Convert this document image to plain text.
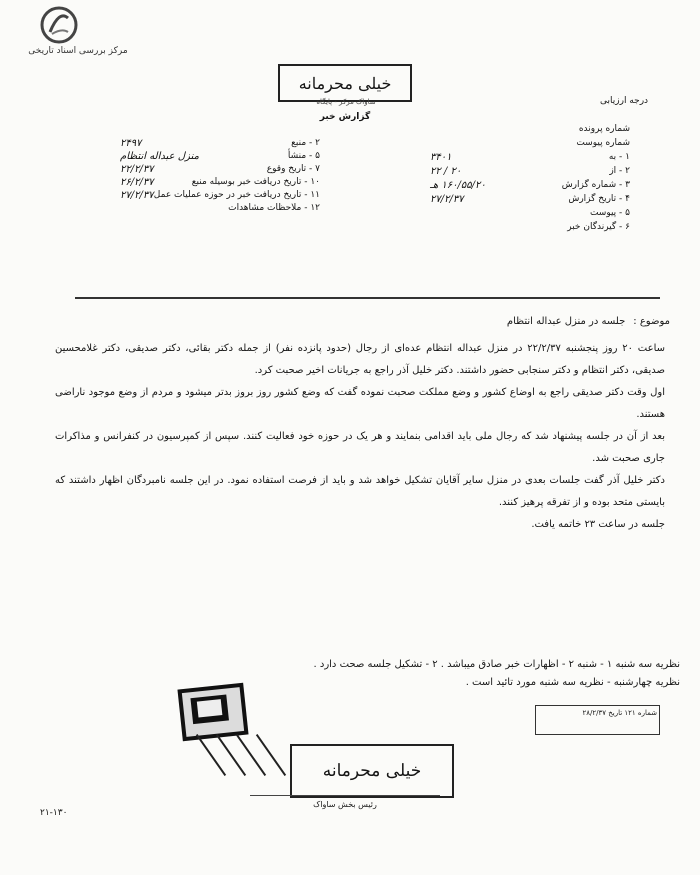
مرکز بررسی اسناد تاریخی
خیلی محرمانه
ساواک مرکز - پایگاه
گزارش خبر
درجه ارزیابی
۲ - منبع
۲۴۹۷
۵ - منشأ
منزل عبداله انتظام
۷ - تاریخ وقوع
۲۲/۲/۳۷
۱۰ - تاریخ دریافت خبر بوسیله منبع
۲۶/۲/۳۷
۱۱ - تاریخ دریافت خبر در حوزه عملیات عمل
۲۷/۲/۳۷
۱۲ - ملاحظات مشاهدات
شماره پرونده
شماره پیوست
۱ - به
۳۴۰۱
۲ - از
۲۰ / ۲۲
۳ - شماره گزارش
۱۶۰/۵۵/۲۰ هـ
۴ - تاریخ گزارش
۲۷/۲/۳۷
۵ - پیوست
۶ - گیرندگان خبر
موضوع :
جلسه در منزل عبداله انتظام
ساعت ۲۰ روز پنجشنبه ۲۲/۲/۳۷ در منزل عبداله انتظام عده‌ای از رجال (حدود پانزده نفر) از جمله دکتر بقائی، دکتر صدیقی، دکتر غلامحسین صدیقی، دکتر انتظام و دکتر سنجابی حضور داشتند. دکتر خلیل آذر راجع به جریانات اخیر صحبت کرد.
اول وقت دکتر صدیقی راجع به اوضاع کشور و وضع مملکت صحبت نموده گفت که وضع کشور روز بروز بدتر میشود و مردم از وضع موجود ناراضی هستند.
بعد از آن در جلسه پیشنهاد شد که رجال ملی باید اقدامی بنمایند و هر یک در حوزه خود فعالیت کنند. سپس از کمپرسیون در کنفرانس و مذاکرات جاری صحبت شد.
دکتر خلیل آذر گفت جلسات بعدی در منزل سایر آقایان تشکیل خواهد شد و باید از فرصت استفاده نمود. در این جلسه نامبردگان اظهار داشتند که بایستی متحد بوده و از تفرقه پرهیز کنند.
جلسه در ساعت ۲۳ خاتمه یافت.
نظریه سه شنبه ۱ - شنبه ۲ - اظهارات خبر صادق میباشد . ۲ - تشکیل جلسه صحت دارد .
نظریه چهارشنبه - نظریه سه شنبه مورد تائید است .
خیلی محرمانه
شماره ۱۲۱ تاریخ ۲۸/۲/۳۷
رئیس بخش ساواک
۲۱-۱۳۰
